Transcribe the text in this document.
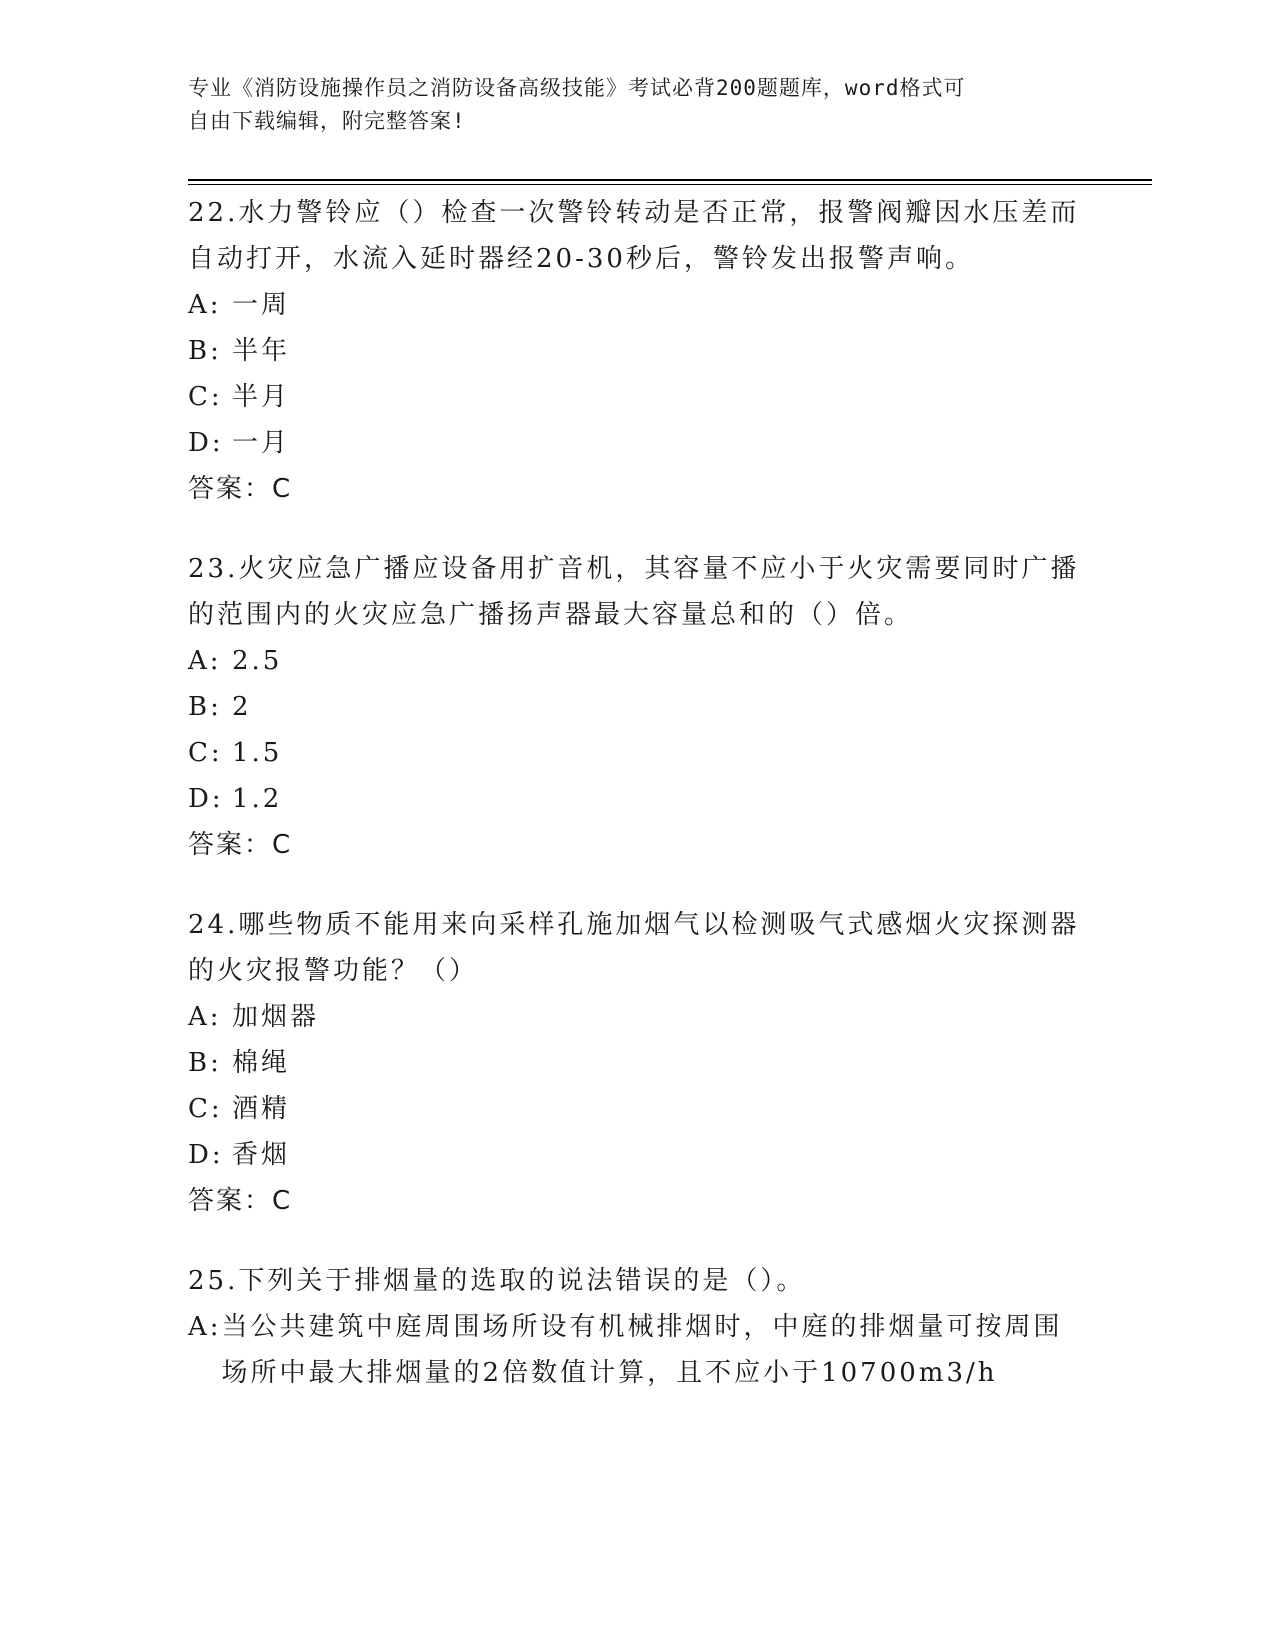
专业《消防设施操作员之消防设备高级技能》考试必背200题题库，word格式可
自由下载编辑，附完整答案!

22.水力警铃应（）检查一次警铃转动是否正常，报警阀瓣因水压差而自动打开，水流入延时器经20-30秒后，警铃发出报警声响。

A: 一周
B: 半年
C: 半月
D: 一月
答案：C

23.火灾应急广播应设备用扩音机，其容量不应小于火灾需要同时广播的范围内的火灾应急广播扬声器最大容量总和的（）倍。

A: 2.5
B: 2
C: 1.5
D: 1.2
答案：C

24.哪些物质不能用来向采样孔施加烟气以检测吸气式感烟火灾探测器的火灾报警功能？（）

A: 加烟器
B: 棉绳
C: 酒精
D: 香烟
答案：C

25.下列关于排烟量的选取的说法错误的是（）。

A: 当公共建筑中庭周围场所设有机械排烟时，中庭的排烟量可按周围场所中最大排烟量的2倍数值计算，且不应小于10700m3/h
